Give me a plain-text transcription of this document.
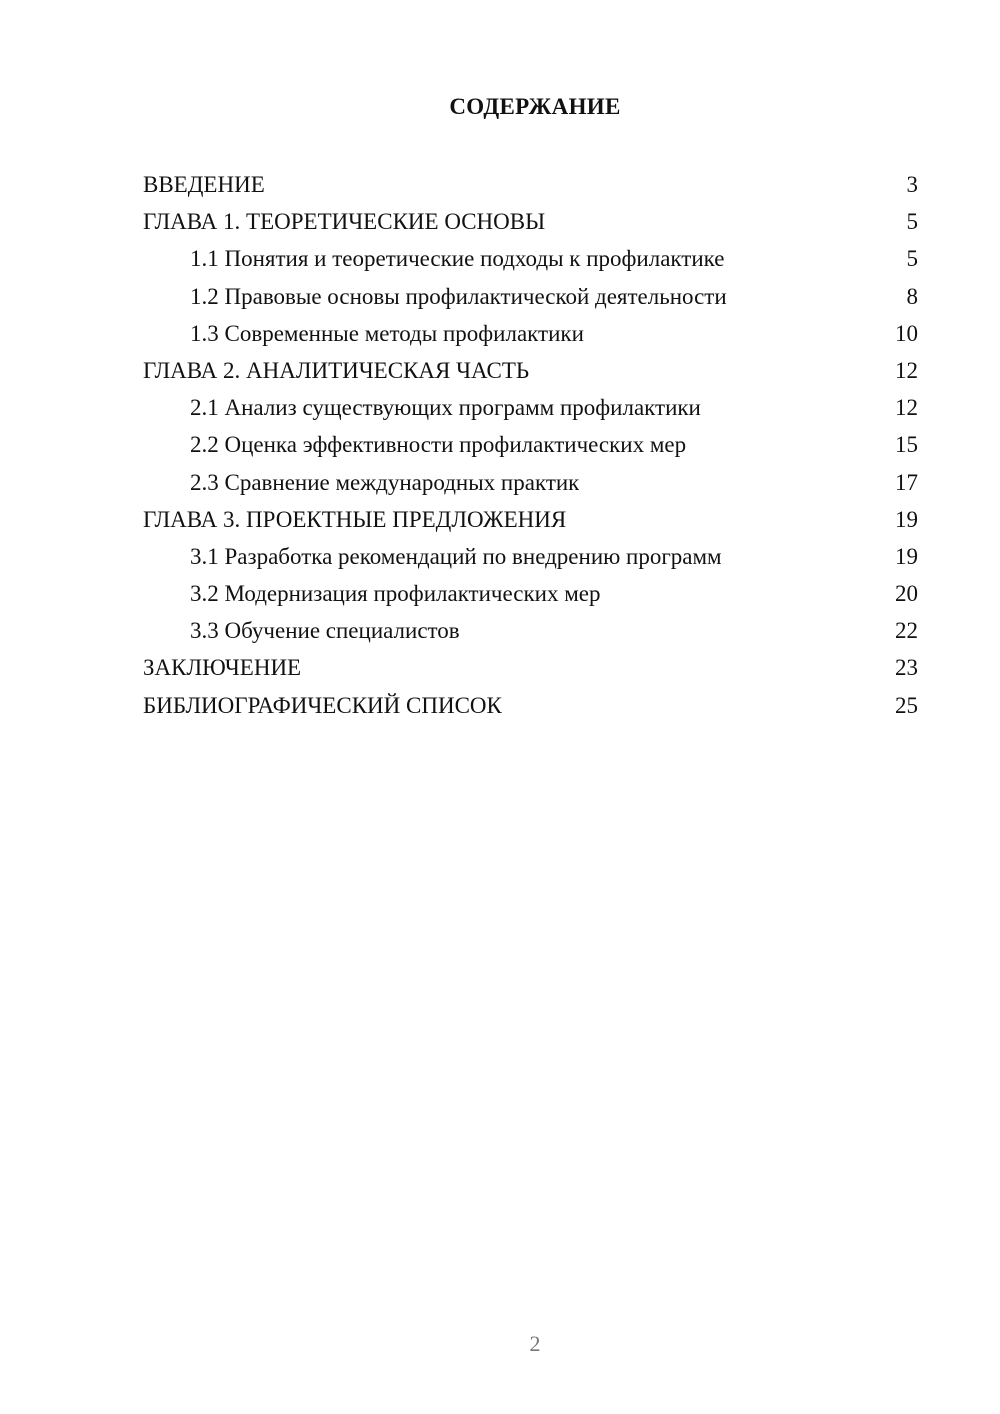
СОДЕРЖАНИЕ
ВВЕДЕНИЕ	3
ГЛАВА 1. ТЕОРЕТИЧЕСКИЕ ОСНОВЫ	5
1.1 Понятия и теоретические подходы к профилактике	5
1.2 Правовые основы профилактической деятельности	8
1.3 Современные методы профилактики	10
ГЛАВА 2. АНАЛИТИЧЕСКАЯ ЧАСТЬ	12
2.1 Анализ существующих программ профилактики	12
2.2 Оценка эффективности профилактических мер	15
2.3 Сравнение международных практик	17
ГЛАВА 3. ПРОЕКТНЫЕ ПРЕДЛОЖЕНИЯ	19
3.1 Разработка рекомендаций по внедрению программ	19
3.2 Модернизация профилактических мер	20
3.3 Обучение специалистов	22
ЗАКЛЮЧЕНИЕ	23
БИБЛИОГРАФИЧЕСКИЙ СПИСОК	25
2
